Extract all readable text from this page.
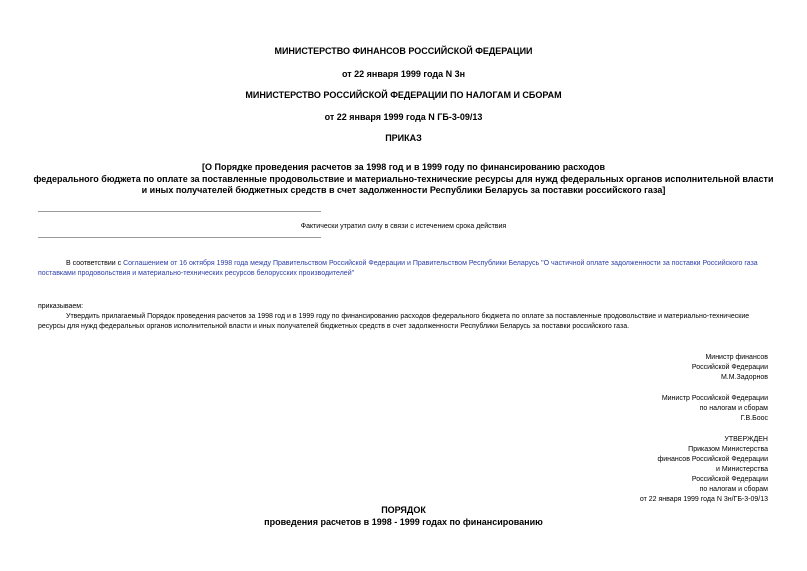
МИНИСТЕРСТВО ФИНАНСОВ РОССИЙСКОЙ ФЕДЕРАЦИИ
от 22 января 1999 года N 3н
МИНИСТЕРСТВО РОССИЙСКОЙ ФЕДЕРАЦИИ ПО НАЛОГАМ И СБОРАМ
от 22 января 1999 года N ГБ-3-09/13
ПРИКАЗ
[О Порядке проведения расчетов за 1998 год и в 1999 году по финансированию расходов
федерального бюджета по оплате за поставленные продовольствие и материально-технические ресурсы для нужд федеральных органов исполнительной власти
и иных получателей бюджетных средств в счет задолженности Республики Беларусь за поставки российского газа]
Фактически утратил силу в связи с истечением срока действия
В соответствии с Соглашением от 16 октября 1998 года между Правительством Российской Федерации и Правительством Республики Беларусь "О частичной оплате задолженности за поставки Российского газа поставками продовольствия и материально-технических ресурсов белорусских производителей"
приказываем:
Утвердить прилагаемый Порядок проведения расчетов за 1998 год и в 1999 году по финансированию расходов федерального бюджета по оплате за поставленные продовольствие и материально-технические ресурсы для нужд федеральных органов исполнительной власти и иных получателей бюджетных средств в счет задолженности Республики Беларусь за поставки российского газа.
Министр финансов
Российской Федерации
М.М.Задорнов
Министр Российской Федерации
по налогам и сборам
Г.В.Боос
УТВЕРЖДЕН
Приказом Министерства
финансов Российской Федерации
и Министерства
Российской Федерации
по налогам и сборам
от 22 января 1999 года N 3н/ГБ-3-09/13
ПОРЯДОК
проведения расчетов в 1998 - 1999 годах по финансированию
